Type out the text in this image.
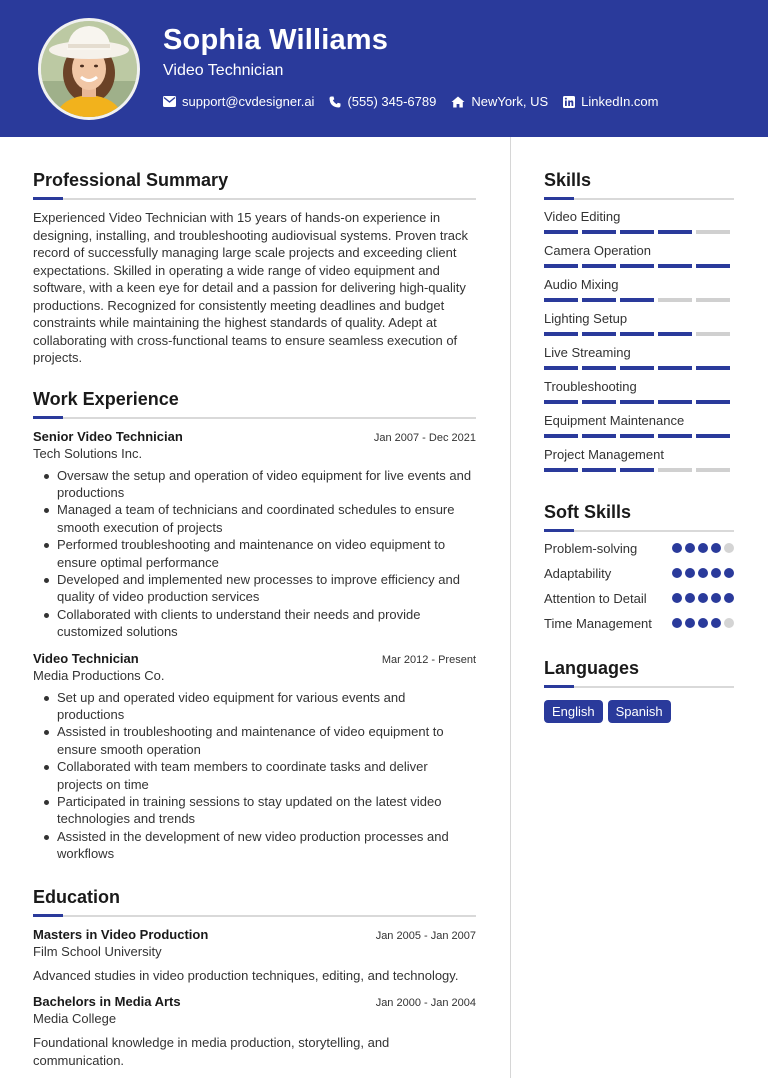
Sophia Williams
Video Technician
support@cvdesigner.ai	(555) 345-6789	NewYork, US	LinkedIn.com
Professional Summary

Experienced Video Technician with 15 years of hands-on experience in designing, installing, and troubleshooting audiovisual systems. Proven track record of successfully managing large scale projects and exceeding client expectations. Skilled in operating a wide range of video equipment and software, with a keen eye for detail and a passion for delivering high-quality productions. Recognized for consistently meeting deadlines and budget constraints while maintaining the highest standards of quality. Adept at collaborating with cross-functional teams to ensure seamless execution of projects.

Work Experience
Senior Video Technician	Jan 2007 - Dec 2021
Tech Solutions Inc.
Oversaw the setup and operation of video equipment for live events and productions
Managed a team of technicians and coordinated schedules to ensure smooth execution of projects
Performed troubleshooting and maintenance on video equipment to ensure optimal performance
Developed and implemented new processes to improve efficiency and quality of video production services
Collaborated with clients to understand their needs and provide customized solutions
Video Technician	Mar 2012 - Present
Media Productions Co.
Set up and operated video equipment for various events and productions
Assisted in troubleshooting and maintenance of video equipment to ensure smooth operation
Collaborated with team members to coordinate tasks and deliver projects on time
Participated in training sessions to stay updated on the latest video technologies and trends
Assisted in the development of new video production processes and workflows
Education
Masters in Video Production	Jan 2005 - Jan 2007
Film School University

Advanced studies in video production techniques, editing, and technology.

Bachelors in Media Arts	Jan 2000 - Jan 2004
Media College

Foundational knowledge in media production, storytelling, and communication.

Skills
Video Editing
Camera Operation
Audio Mixing
Lighting Setup
Live Streaming
Troubleshooting
Equipment Maintenance
Project Management
Soft Skills
Problem-solving
Adaptability
Attention to Detail
Time Management
Languages
English	Spanish
